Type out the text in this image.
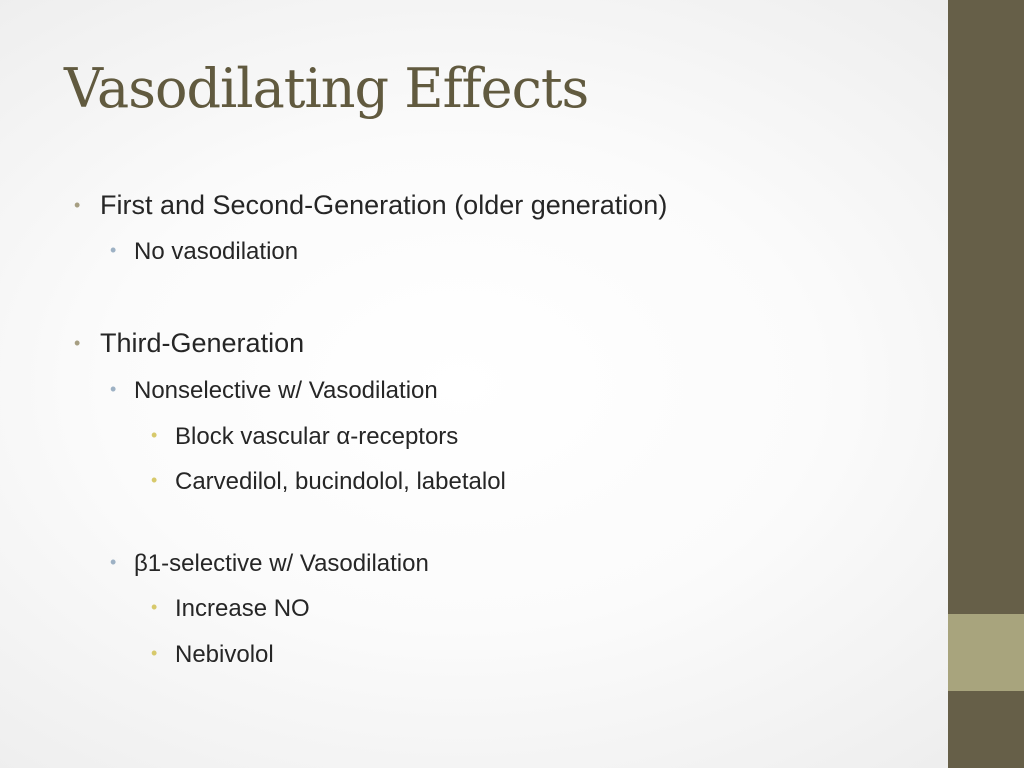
Vasodilating Effects
• First and Second-Generation (older generation)
• No vasodilation
• Third-Generation
• Nonselective w/ Vasodilation
• Block vascular α-receptors
• Carvedilol, bucindolol, labetalol
• β1-selective w/ Vasodilation
• Increase NO
• Nebivolol
